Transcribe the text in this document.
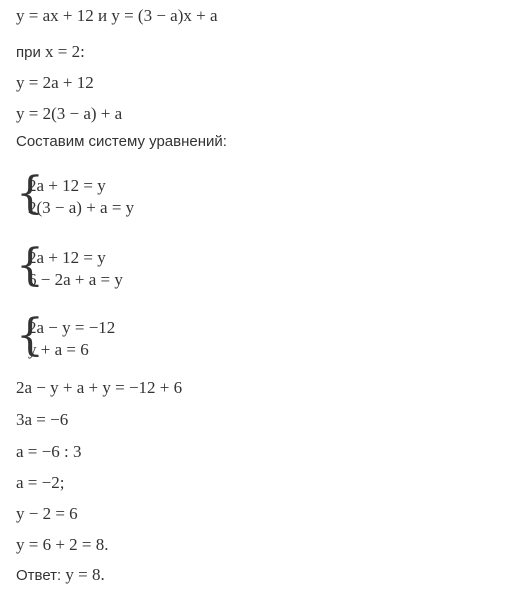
y = ax + 12 и y = (3 − a)x + a
при x = 2:
y = 2a + 12
y = 2(3 − a) + a
Составим систему уравнений:
{
2a + 12 = y
2(3 − a) + a = y
{
2a + 12 = y
6 − 2a + a = y
{
2a − y = −12
y + a = 6
2a − y + a + y = −12 + 6
3a = −6
a = −6 : 3
a = −2;
y − 2 = 6
y = 6 + 2 = 8.
Ответ: y = 8.
